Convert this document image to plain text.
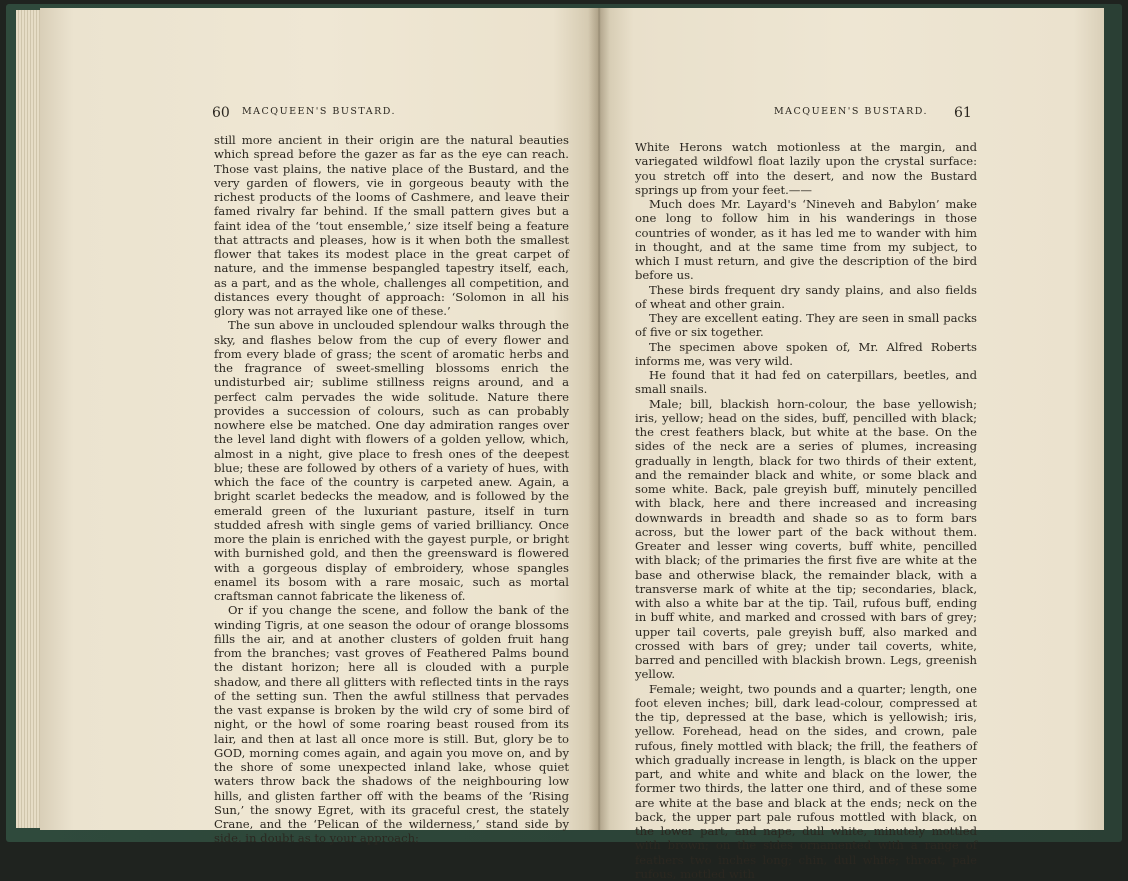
60	MACQUEEN'S BUSTARD.

still more ancient in their origin are the natural beauties which spread before the gazer as far as the eye can reach. Those vast plains, the native place of the Bustard, and the very garden of flowers, vie in gorgeous beauty with the richest products of the looms of Cashmere, and leave their famed rivalry far behind. If the small pattern gives but a faint idea of the ‘tout ensemble,’ size itself being a feature that attracts and pleases, how is it when both the smallest flower that takes its modest place in the great carpet of nature, and the immense bespangled tapestry itself, each, as a part, and as the whole, challenges all competition, and distances every thought of approach: ‘Solomon in all his glory was not arrayed like one of these.’

The sun above in unclouded splendour walks through the sky, and flashes below from the cup of every flower and from every blade of grass; the scent of aromatic herbs and the fragrance of sweet-smelling blossoms enrich the undisturbed air; sublime stillness reigns around, and a perfect calm pervades the wide solitude. Nature there provides a succession of colours, such as can probably nowhere else be matched. One day admiration ranges over the level land dight with flowers of a golden yellow, which, almost in a night, give place to fresh ones of the deepest blue; these are followed by others of a variety of hues, with which the face of the country is carpeted anew. Again, a bright scarlet bedecks the meadow, and is followed by the emerald green of the luxuriant pasture, itself in turn studded afresh with single gems of varied brilliancy. Once more the plain is enriched with the gayest purple, or bright with burnished gold, and then the greensward is flowered with a gorgeous display of embroidery, whose spangles enamel its bosom with a rare mosaic, such as mortal craftsman cannot fabricate the likeness of.

Or if you change the scene, and follow the bank of the winding Tigris, at one season the odour of orange blossoms fills the air, and at another clusters of golden fruit hang from the branches; vast groves of Feathered Palms bound the distant horizon; here all is clouded with a purple shadow, and there all glitters with reflected tints in the rays of the setting sun. Then the awful stillness that pervades the vast expanse is broken by the wild cry of some bird of night, or the howl of some roaring beast roused from its lair, and then at last all once more is still. But, glory be to GOD, morning comes again, and again you move on, and by the shore of some unexpected inland lake, whose quiet waters throw back the shadows of the neighbouring low hills, and glisten farther off with the beams of the ‘Rising Sun,’ the snowy Egret, with its graceful crest, the stately Crane, and the ‘Pelican of the wilderness,’ stand side by side, in doubt as to your approach;

MACQUEEN'S BUSTARD.	61

White Herons watch motionless at the margin, and variegated wildfowl float lazily upon the crystal surface: you stretch off into the desert, and now the Bustard springs up from your feet.——

Much does Mr. Layard's ‘Nineveh and Babylon’ make one long to follow him in his wanderings in those countries of wonder, as it has led me to wander with him in thought, and at the same time from my subject, to which I must return, and give the description of the bird before us.

These birds frequent dry sandy plains, and also fields of wheat and other grain.

They are excellent eating. They are seen in small packs of five or six together.

The specimen above spoken of, Mr. Alfred Roberts informs me, was very wild.

He found that it had fed on caterpillars, beetles, and small snails.

Male; bill, blackish horn-colour, the base yellowish; iris, yellow; head on the sides, buff, pencilled with black; the crest feathers black, but white at the base. On the sides of the neck are a series of plumes, increasing gradually in length, black for two thirds of their extent, and the remainder black and white, or some black and some white. Back, pale greyish buff, minutely pencilled with black, here and there increased and increasing downwards in breadth and shade so as to form bars across, but the lower part of the back without them. Greater and lesser wing coverts, buff white, pencilled with black; of the primaries the first five are white at the base and otherwise black, the remainder black, with a transverse mark of white at the tip; secondaries, black, with also a white bar at the tip. Tail, rufous buff, ending in buff white, and marked and crossed with bars of grey; upper tail coverts, pale greyish buff, also marked and crossed with bars of grey; under tail coverts, white, barred and pencilled with blackish brown. Legs, greenish yellow.

Female; weight, two pounds and a quarter; length, one foot eleven inches; bill, dark lead-colour, compressed at the tip, depressed at the base, which is yellowish; iris, yellow. Forehead, head on the sides, and crown, pale rufous, finely mottled with black; the frill, the feathers of which gradually increase in length, is black on the upper part, and white and white and black on the lower, the former two thirds, the latter one third, and of these some are white at the base and black at the ends; neck on the back, the upper part pale rufous mottled with black, on the lower part, and nape, dull white, minutely mottled with brown; on the sides ornamented with a range of feathers two inches long; chin, dull white; throat, pale rufous, mottled with
